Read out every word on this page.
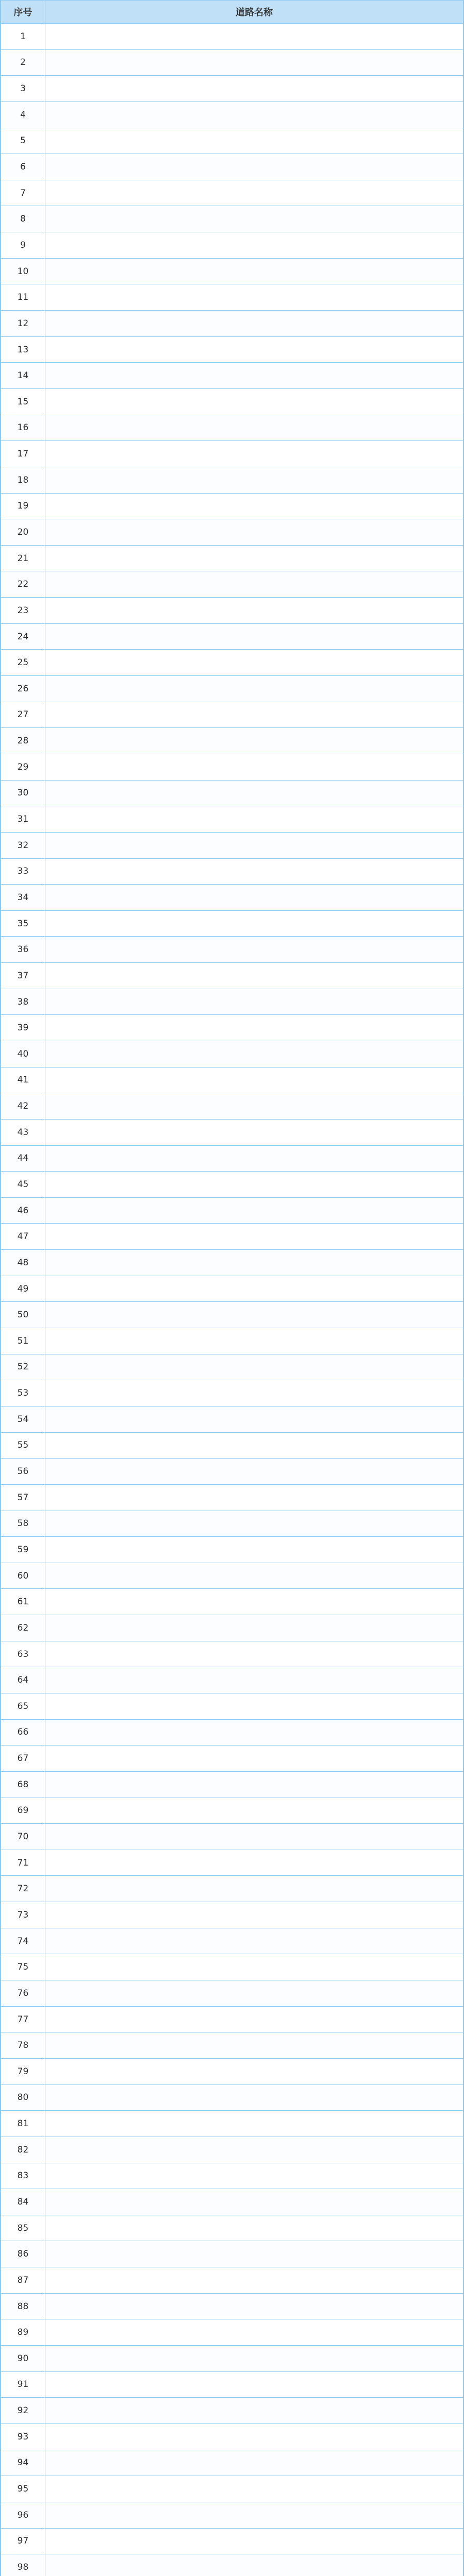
序号	道路名称
1	
2	
3	
4	
5	
6	
7	
8	
9	
10	
11	
12	
13	
14	
15	
16	
17	
18	
19	
20	
21	
22	
23	
24	
25	
26	
27	
28	
29	
30	
31	
32	
33	
34	
35	
36	
37	
38	
39	
40	
41	
42	
43	
44	
45	
46	
47	
48	
49	
50	
51	
52	
53	
54	
55	
56	
57	
58	
59	
60	
61	
62	
63	
64	
65	
66	
67	
68	
69	
70	
71	
72	
73	
74	
75	
76	
77	
78	
79	
80	
81	
82	
83	
84	
85	
86	
87	
88	
89	
90	
91	
92	
93	
94	
95	
96	
97	
98	
